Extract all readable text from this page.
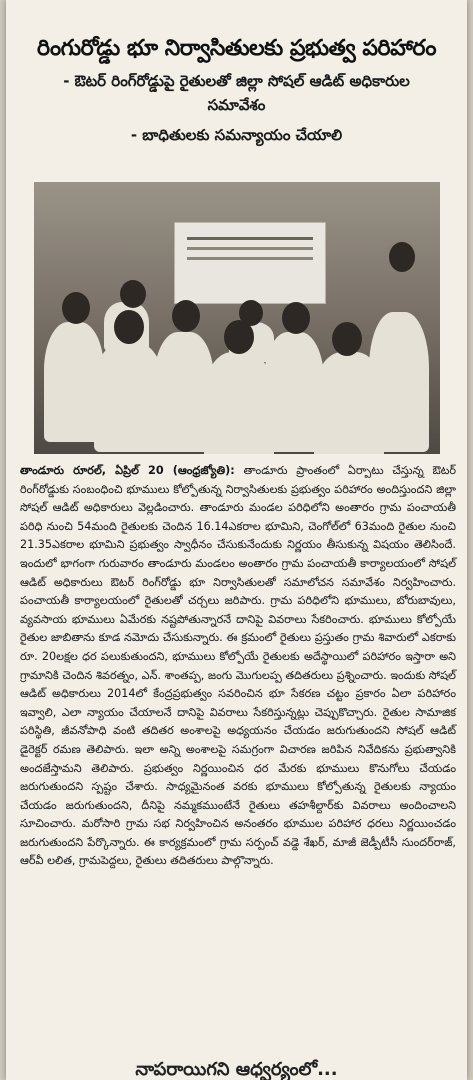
రింగురోడ్డు భూ నిర్వాసితులకు ప్రభుత్వ పరిహారం
- ఔటర్ రింగ్‌రోడ్డుపై రైతులతో జిల్లా సోషల్ ఆడిట్ అధికారుల
సమావేశం
- బాధితులకు సమన్యాయం చేయాలి
తాండూరు రూరల్, ఏప్రిల్ 20 (ఆంధ్రజ్యోతి): తాండూరు ప్రాంతంలో ఏర్పాటు చేస్తున్న ఔటర్ రింగ్‌రోడ్డుకు సంబంధించి భూములు కోల్పోతున్న నిర్వాసితులకు ప్రభుత్వం పరిహారం అందిస్తుందని జిల్లా సోషల్ ఆడిట్ అధికారులు వెల్లడించారు. తాండూరు మండల పరిధిలోని అంతారం గ్రామ పంచాయతీ పరిధి నుంచి 54మంది రైతులకు చెందిన 16.14ఎకరాల భూమిని, చెంగోల్‌లో 63మంది రైతుల నుంచి 21.35ఎకరాల భూమిని ప్రభుత్వం స్వాధీనం చేసుకునేందుకు నిర్ణయం తీసుకున్న విషయం తెలిసిందే. ఇందులో భాగంగా గురువారం తాండూరు మండలం అంతారం గ్రామ పంచాయతీ కార్యాలయంలో సోషల్ ఆడిట్ అధికారులు ఔటర్ రింగ్‌రోడ్డు భూ నిర్వాసితులతో సమాలోచన సమావేశం నిర్వహించారు. పంచాయతీ కార్యాలయంలో రైతులతో చర్చలు జరిపారు. గ్రామ పరిధిలోని భూములు, బోరుబావులు, వ్యవసాయ భూములు ఏమేరకు నష్టపోతున్నారనే దానిపై వివరాలు సేకరించారు. భూములు కోల్పోయే రైతుల జాబితాను కూడ నమోదు చేసుకున్నారు. ఈ క్రమంలో రైతులు ప్రస్తుతం గ్రామ శివారులో ఎకరాకు రూ. 20లక్షల ధర పలుకుతుందని, భూములు కోల్పోయే రైతులకు అదేస్థాయిలో పరిహారం ఇస్తారా అని గ్రామానికి చెందిన శివరత్నం, ఎన్. శాంతప్ప, జంగు మొగులప్ప తదితరులు ప్రశ్నించారు. ఇందుకు సోషల్ ఆడిట్ అధికారులు 2014లో కేంద్రప్రభుత్వం సవరించిన భూ సేకరణ చట్టం ప్రకారం ఏలా పరిహారం ఇవ్వాలి, ఎలా న్యాయం చేయాలనే దానిపై వివరాలు సేకరిస్తున్నట్లు చెప్పుకొచ్చారు. రైతుల సామాజిక పరిస్థితి, జీవనోపాధి వంటి తదితర అంశాలపై అధ్యయనం చేయడం జరుగుతుందని సోషల్ ఆడిట్ డైరెక్టర్ రమణ తెలిపారు. ఇలా అన్ని అంశాలపై సమగ్రంగా విచారణ జరిపిన నివేదికను ప్రభుత్వానికి అందజేస్తామని తెలిపారు. ప్రభుత్వం నిర్ణయించిన ధర మేరకు భూములు కొనుగోలు చేయడం జరుగుతుందని స్పష్టం చేశారు. సాధ్యమైనంత వరకు భూములు కోల్పోతున్న రైతులకు న్యాయం చేయడం జరుగుతుందని, దీనిపై నమ్మకముంటేనే రైతులు తహశీల్దార్‌కు వివరాలు అందించాలని సూచించారు. మరోసారి గ్రామ సభ నిర్వహించిన అనంతరం భూముల పరిహార ధరలు నిర్ణయించడం జరుగుతుందని పేర్కొన్నారు. ఈ కార్యక్రమంలో గ్రామ సర్పంచ్ వడ్డె శేఖర్, మాజీ జెడ్పీటీసీ సుందర్‌రాజ్, ఆర్‌వీ లలిత, గ్రామపెద్దలు, రైతులు తదితరులు పాల్గొన్నారు.
నాపరాయిగని ఆధ్వర్యంలో...
